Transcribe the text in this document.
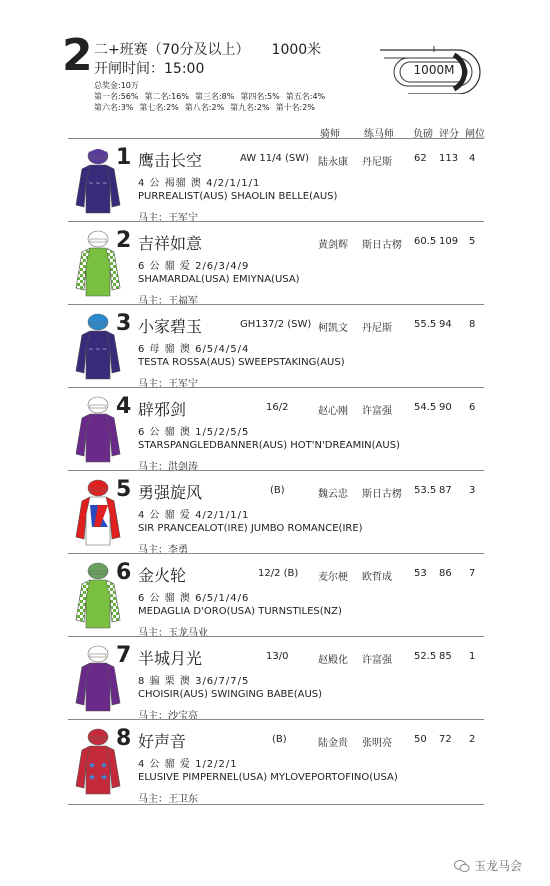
2 二+班赛（70分及以上） 1000米
开闸时间：15:00
总奖金:10万
第一名:56% 第二名:16% 第三名:8% 第四名:5% 第五名:4%
第六名:3% 第七名:2% 第八名:2% 第九名:2% 第十名:2%
1000M
骑师 练马师 负磅 评分 闸位
~ ~ ~
1 鹰击长空	AW 11/4 (SW) 陆永康 丹尼斯 62 113 4
4 公 褐骝 澳 4/2/1/1/1
PURREALIST(AUS) SHAOLIN BELLE(AUS)
马主：王军宁
2 吉祥如意	黄剑辉 斯日古楞 60.5 109 5
6 公 骝 爱 2/6/3/4/9
SHAMARDAL(USA) EMIYNA(USA)
马主：王福军
~ ~ ~
3 小家碧玉	GH137/2 (SW) 柯凯文 丹尼斯 55.5 94 8
6 母 骝 澳 6/5/4/5/4
TESTA ROSSA(AUS) SWEEPSTAKING(AUS)
马主：王军宁
4 辟邪剑	16/2	赵心刚 许富强 54.5 90 6
6 公 骝 澳 1/5/2/5/5
STARSPANGLEDBANNER(AUS) HOT'N'DREAMIN(AUS)
马主：洪剑涛
5 勇强旋风	(B)	魏云忠 斯日古楞 53.5 87 3
4 公 骝 爱 4/2/1/1/1
SIR PRANCEALOT(IRE) JUMBO ROMANCE(IRE)
马主：李勇
6 金火轮	12/2 (B) 麦尔梗 欧哲成 53 86 7
6 公 骝 澳 6/5/1/4/6
MEDAGLIA D'ORO(USA) TURNSTILES(NZ)
马主：玉龙马业
7 半城月光	13/0	赵殿化 许富强 52.5 85 1
8 骟 栗 澳 3/6/7/7/5
CHOISIR(AUS) SWINGING BABE(AUS)
马主：沙宝亮
★ ★
★ ★
8 好声音	(B)	陆金贵 张明亮 50 72 2
4 公 骝 爱 1/2/2/1
ELUSIVE PIMPERNEL(USA) MYLOVEPORTOFINO(USA)
马主：王卫东
玉龙马会
